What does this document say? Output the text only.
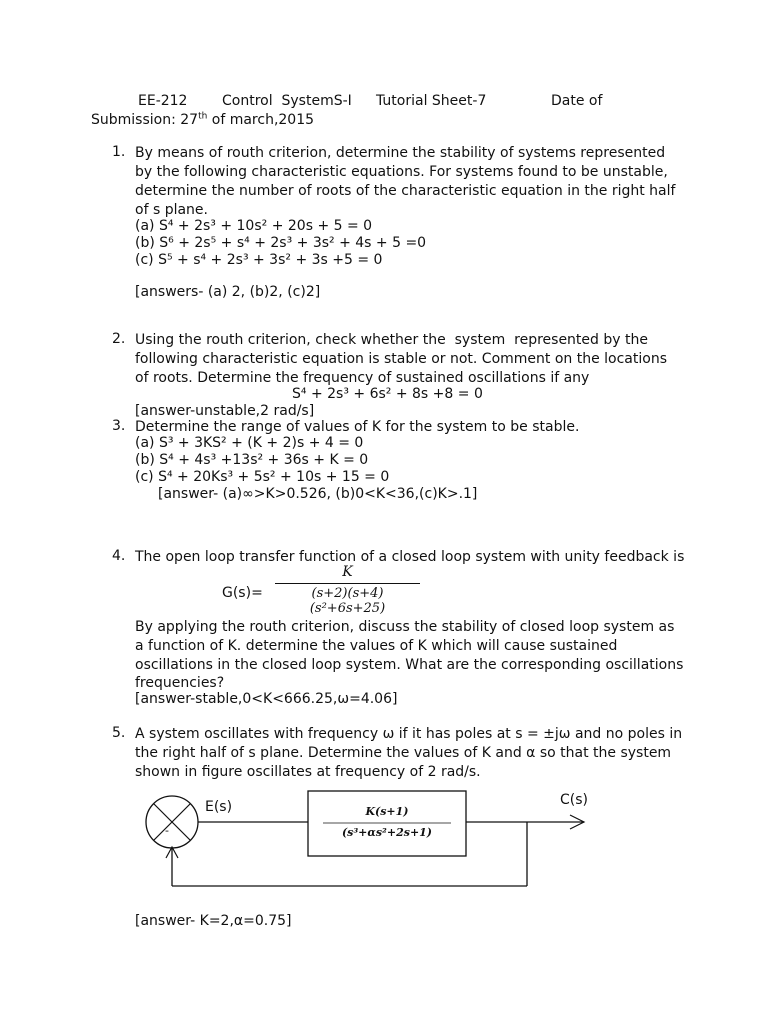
EE-212 Control  SystemS-I Tutorial Sheet-7	Date of
Submission: 27th of march,2015
1. By means of routh criterion, determine the stability of systems represented
by the following characteristic equations. For systems found to be unstable,
determine the number of roots of the characteristic equation in the right half
of s plane.
(a) S⁴ + 2s³ + 10s² + 20s + 5 = 0
(b) S⁶ + 2s⁵ + s⁴ + 2s³ + 3s² + 4s + 5 =0
(c) S⁵ + s⁴ + 2s³ + 3s² + 3s +5 = 0
[answers- (a) 2, (b)2, (c)2]
2. Using the routh criterion, check whether the  system  represented by the
following characteristic equation is stable or not. Comment on the locations
of roots. Determine the frequency of sustained oscillations if any
S⁴ + 2s³ + 6s² + 8s +8 = 0
[answer-unstable,2 rad/s]
3. Determine the range of values of K for the system to be stable.
(a) S³ + 3KS² + (K + 2)s + 4 = 0
(b) S⁴ + 4s³ +13s² + 36s + K = 0
(c) S⁴ + 20Ks³ + 5s² + 10s + 15 = 0
[answer- (a)∞>K>0.526, (b)0<K<36,(c)K>.1]
4. The open loop transfer function of a closed loop system with unity feedback is
G(s)=
K
(s+2)(s+4)(s²+6s+25)
By applying the routh criterion, discuss the stability of closed loop system as
a function of K. determine the values of K which will cause sustained
oscillations in the closed loop system. What are the corresponding oscillations
frequencies?
[answer-stable,0<K<666.25,ω=4.06]
5. A system oscillates with frequency ω if it has poles at s = ±jω and no poles in
the right half of s plane. Determine the values of K and α so that the system
shown in figure oscillates at frequency of 2 rad/s.
E(s)	C(s)
K(s+1)
(s³+αs²+2s+1)
-
[answer- K=2,α=0.75]
